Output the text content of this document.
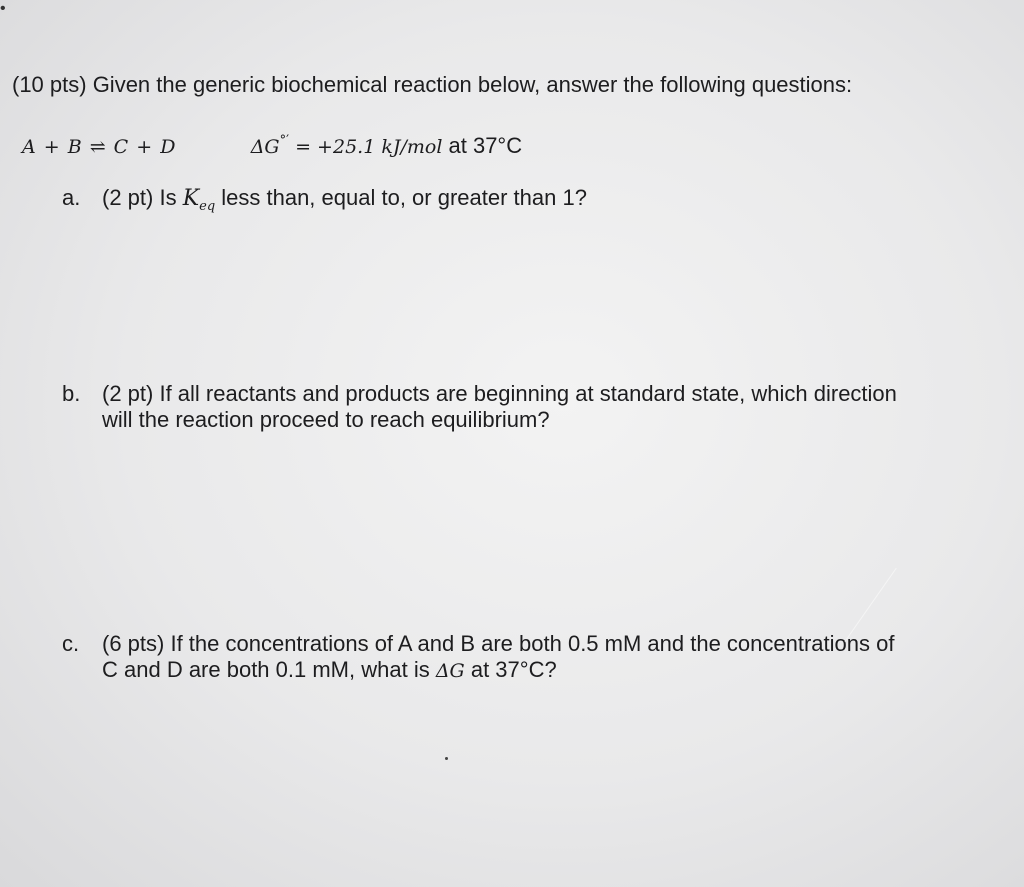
•
(10 pts) Given the generic biochemical reaction below, answer the following questions:
A + B ⇌ C + D	ΔG°′ = +25.1 kJ/mol at 37°C
a. (2 pt) Is $K_{eq}$ less than, equal to, or greater than 1?
b. (2 pt) If all reactants and products are beginning at standard state, which direction
will the reaction proceed to reach equilibrium?
c. (6 pts) If the concentrations of A and B are both 0.5 mM and the concentrations of
C and D are both 0.1 mM, what is ΔG at 37°C?
